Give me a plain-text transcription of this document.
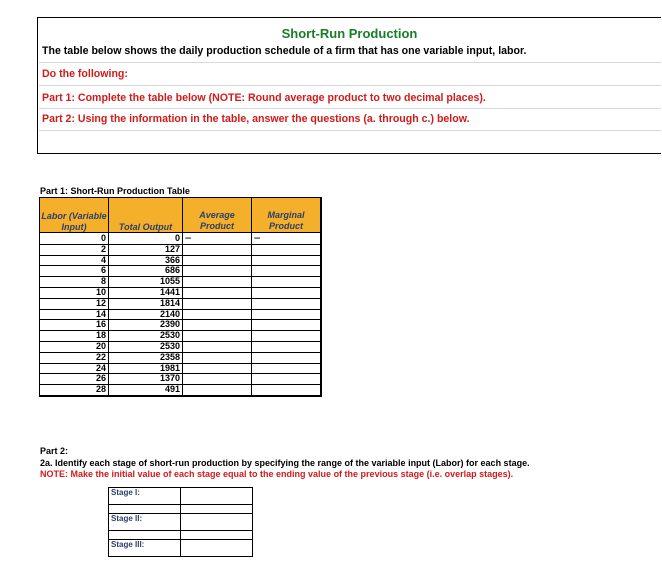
Short-Run Production
The table below shows the daily production schedule of a firm that has one variable input, labor.
Do the following:
Part 1: Complete the table below (NOTE: Round average product to two decimal places).
Part 2: Using the information in the table, answer the questions (a. through c.) below.
Part 1: Short-Run Production Table
Labor (Variable Input)	Total Output	Average Product	Marginal Product
0	0	----	----
2	127		
4	366		
6	686		
8	1055		
10	1441		
12	1814		
14	2140		
16	2390		
18	2530		
20	2530		
22	2358		
24	1981		
26	1370		
28	491		
Part 2:
2a. Identify each stage of short-run production by specifying the range of the variable input (Labor) for each stage.
NOTE: Make the initial value of each stage equal to the ending value of the previous stage (i.e. overlap stages).
Stage I:	

Stage II:	

Stage III:	
